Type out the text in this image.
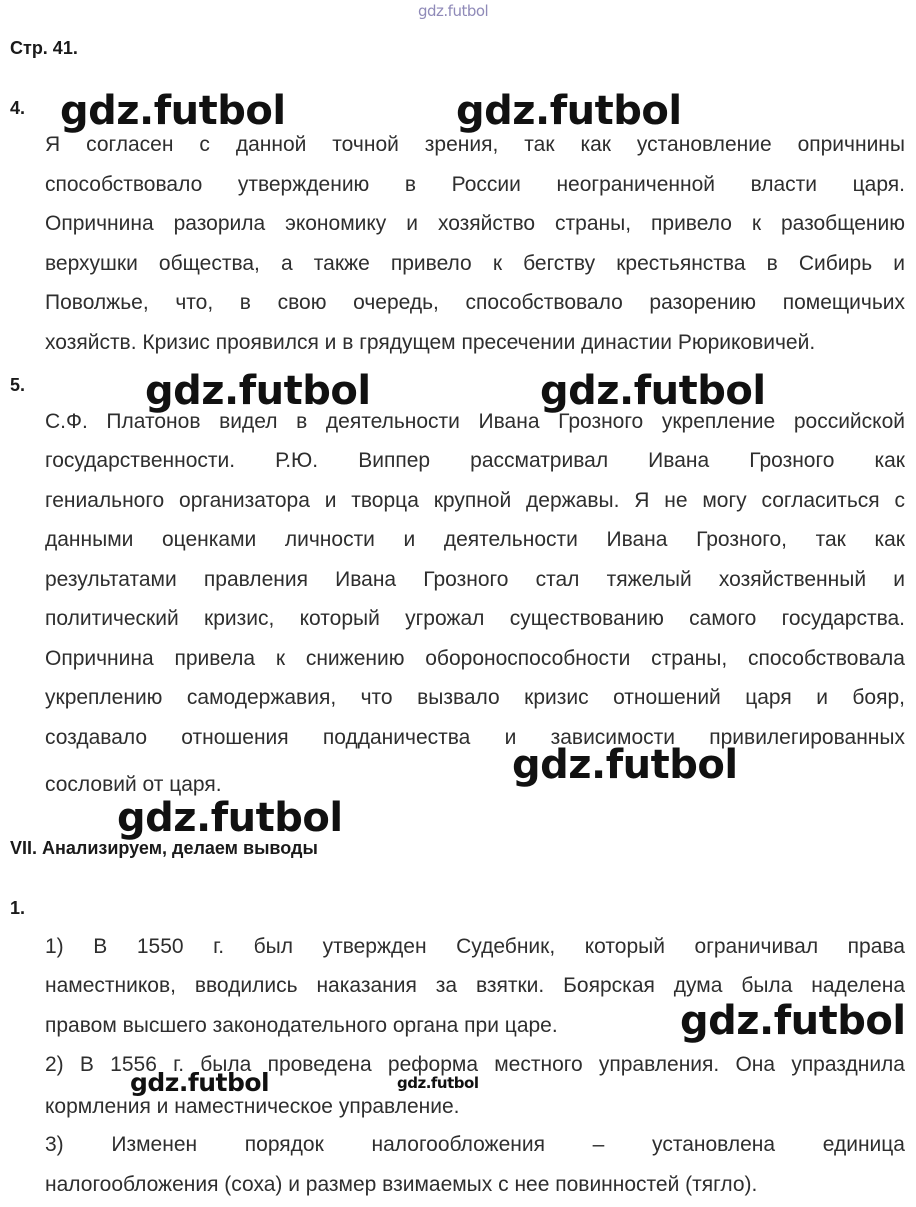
gdz.futbol
Стр. 41.
4.
Я согласен с данной точной зрения, так как установление опричнины
способствовало утверждению в России неограниченной власти царя.
Опричнина разорила экономику и хозяйство страны, привело к разобщению
верхушки общества, а также привело к бегству крестьянства в Сибирь и
Поволжье, что, в свою очередь, способствовало разорению помещичьих
хозяйств. Кризис проявился и в грядущем пресечении династии Рюриковичей.
5.
С.Ф. Платонов видел в деятельности Ивана Грозного укрепление российской
государственности. Р.Ю. Виппер рассматривал Ивана Грозного как
гениального организатора и творца крупной державы. Я не могу согласиться с
данными оценками личности и деятельности Ивана Грозного, так как
результатами правления Ивана Грозного стал тяжелый хозяйственный и
политический кризис, который угрожал существованию самого государства.
Опричнина привела к снижению обороноспособности страны, способствовала
укреплению самодержавия, что вызвало кризис отношений царя и бояр,
создавало отношения подданичества и зависимости привилегированных
сословий от царя.
VII. Анализируем, делаем выводы
1.
1) В 1550 г. был утвержден Судебник, который ограничивал права
наместников, вводились наказания за взятки. Боярская дума была наделена
правом высшего законодательного органа при царе.
2) В 1556 г. была проведена реформа местного управления. Она упразднила
кормления и наместническое управление.
3) Изменен порядок налогообложения – установлена единица
налогообложения (соха) и размер взимаемых с нее повинностей (тягло).
gdz.futbol	gdz.futbol
gdz.futbol	gdz.futbol
gdz.futbol
gdz.futbol
gdz.futbol
gdz.futbol	gdz.futbol
